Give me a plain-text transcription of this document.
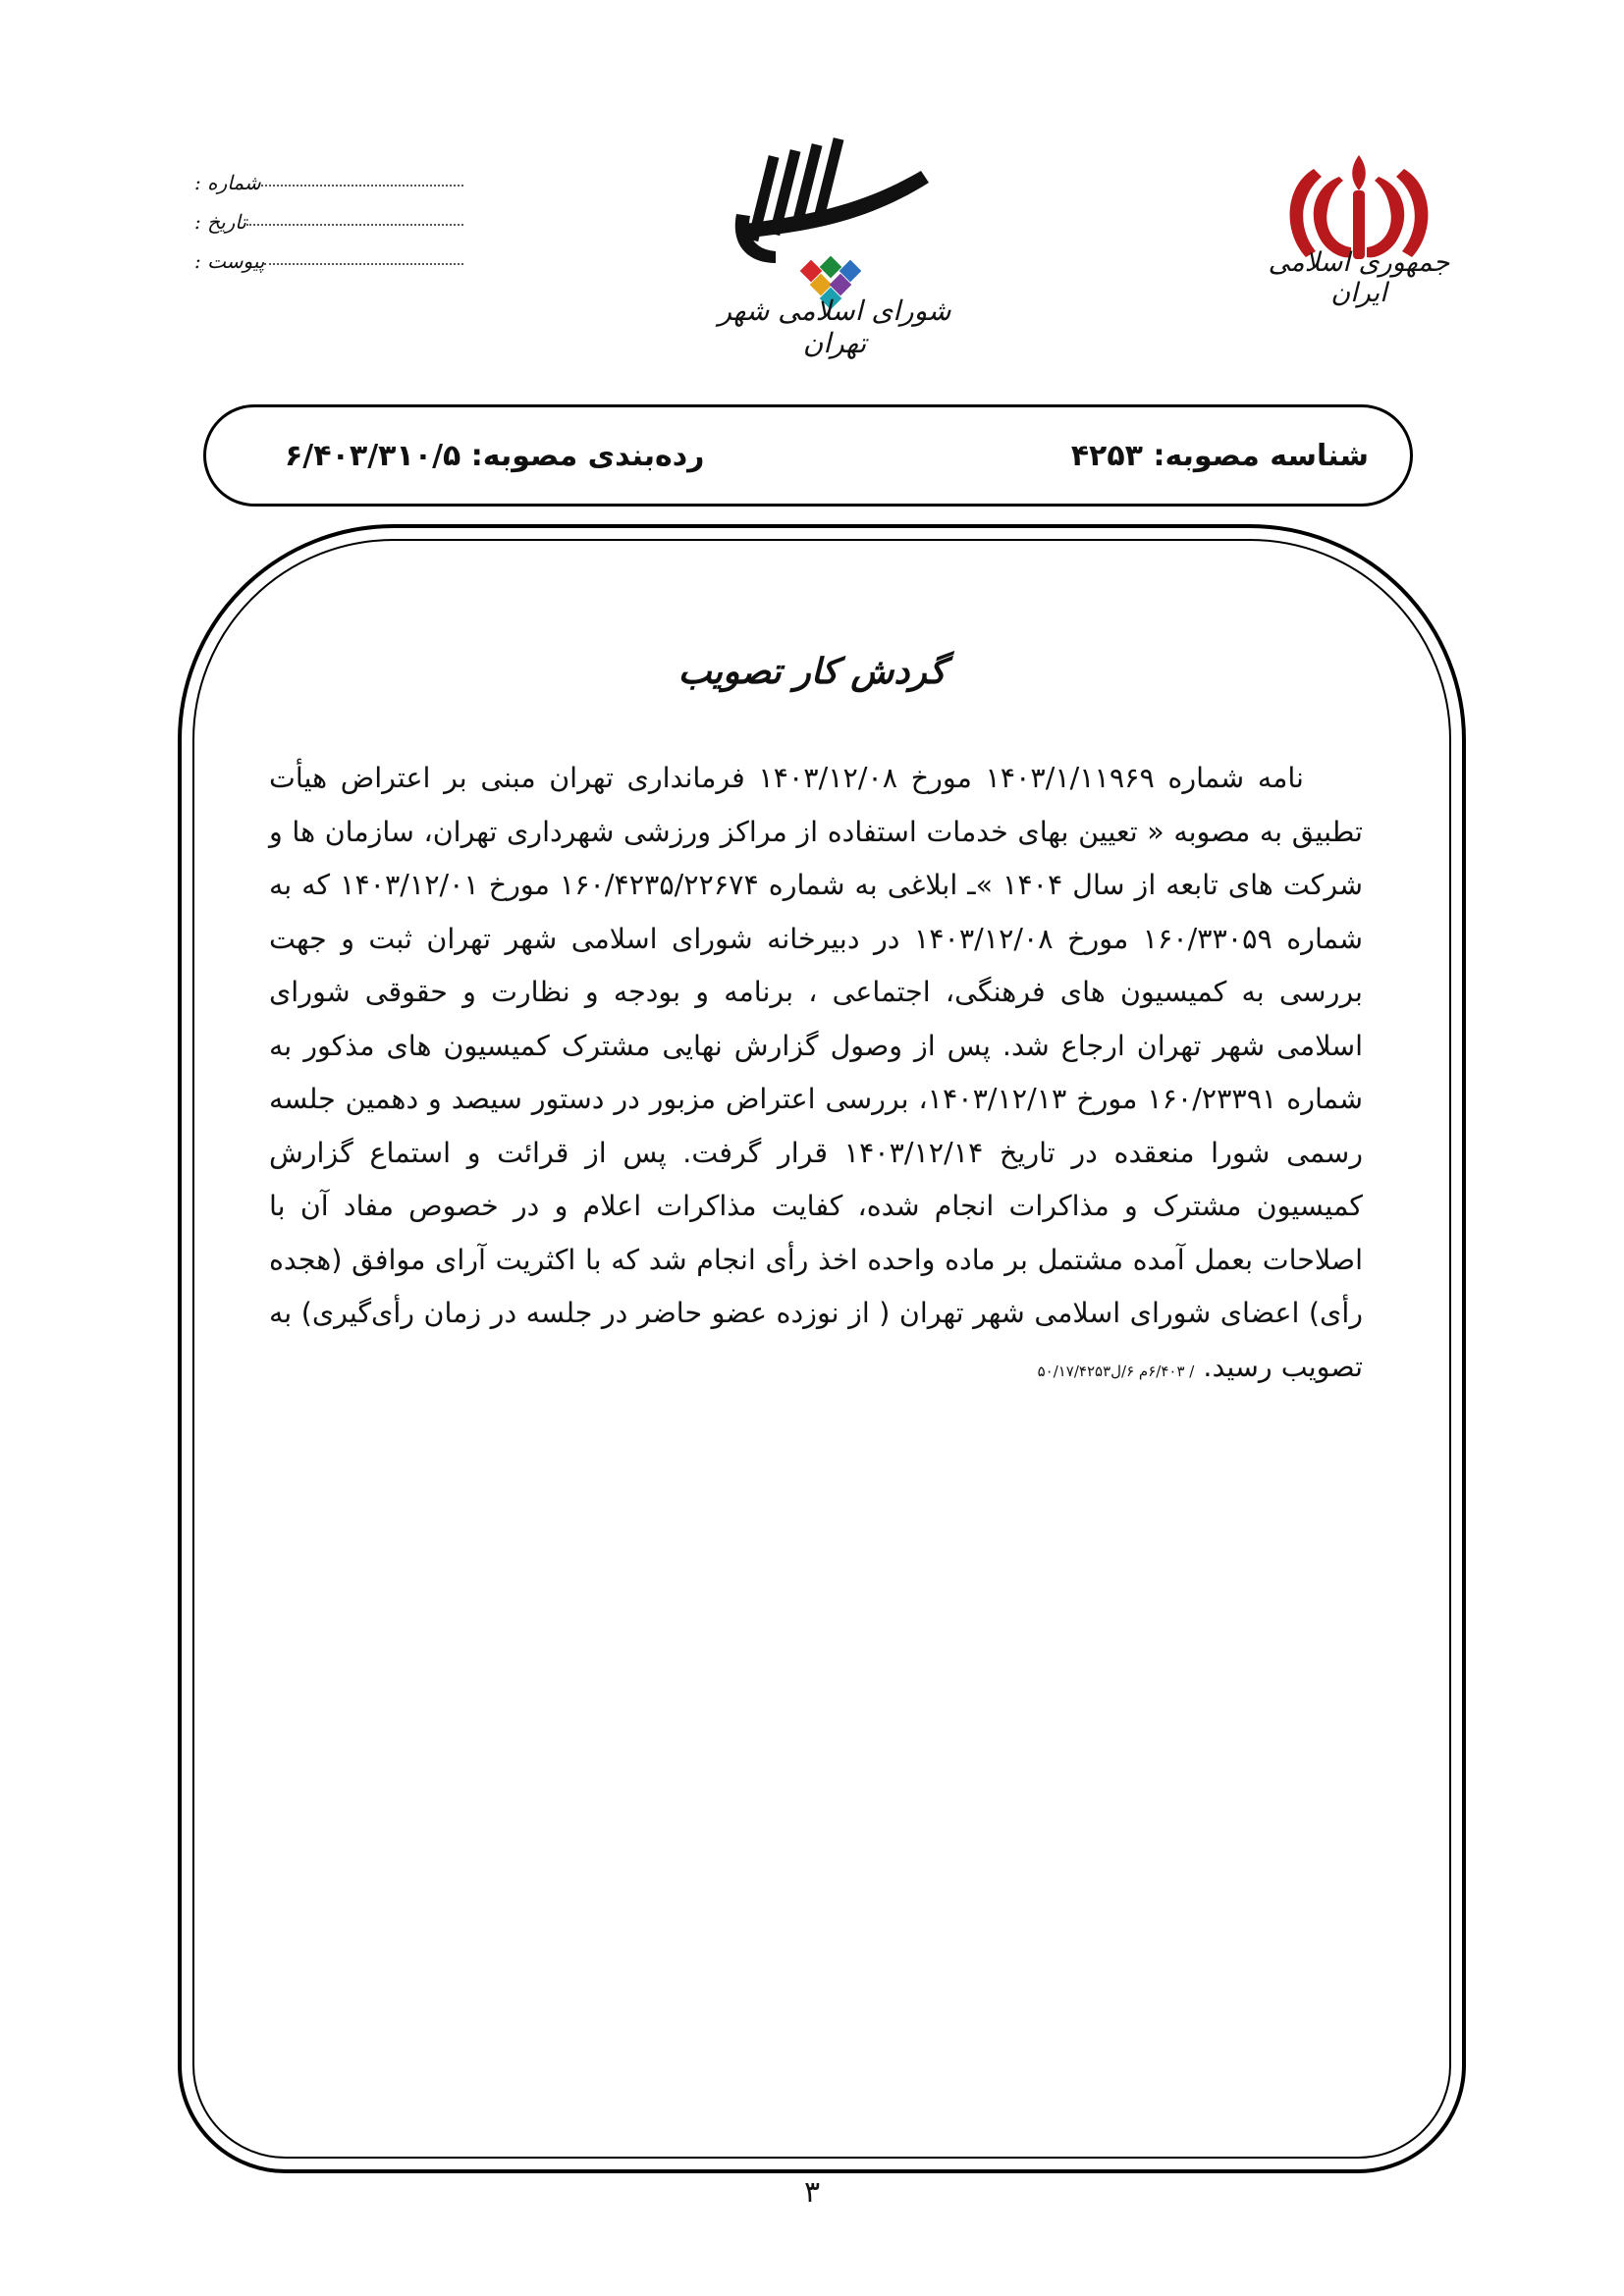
جمهوری اسلامی ایران
شورای اسلامی شهر تهران
شماره :
تاریخ :
پیوست :
شناسه مصوبه: ۴۲۵۳
رده‌بندی مصوبه: ۶/۴۰۳/۳۱۰/۵
گردش کار تصویب
نامه شماره ۱۴۰۳/۱/۱۱۹۶۹ مورخ ۱۴۰۳/۱۲/۰۸ فرمانداری تهران مبنی بر اعتراض هیأت تطبیق به مصوبه « تعیین بهای خدمات استفاده از مراکز ورزشی شهرداری تهران، سازمان ها و شرکت های تابعه از سال ۱۴۰۴ »ـ ابلاغی به شماره ۱۶۰/۴۲۳۵/۲۲۶۷۴ مورخ ۱۴۰۳/۱۲/۰۱ که به شماره ۱۶۰/۳۳۰۵۹ مورخ ۱۴۰۳/۱۲/۰۸ در دبیرخانه شورای اسلامی شهر تهران ثبت و جهت بررسی به کمیسیون های فرهنگی، اجتماعی ، برنامه و بودجه و نظارت و حقوقی شورای اسلامی شهر تهران ارجاع شد. پس از وصول گزارش نهایی مشترک کمیسیون های مذکور به شماره ۱۶۰/۲۳۳۹۱ مورخ ۱۴۰۳/۱۲/۱۳، بررسی اعتراض مزبور در دستور سیصد و دهمین جلسه رسمی شورا منعقده در تاریخ ۱۴۰۳/۱۲/۱۴ قرار گرفت. پس از قرائت و استماع گزارش کمیسیون مشترک و مذاکرات انجام شده، کفایت مذاکرات اعلام و در خصوص مفاد آن با اصلاحات بعمل آمده مشتمل بر ماده واحده اخذ رأی انجام شد که با اکثریت آرای موافق (هجده رأی) اعضای شورای اسلامی شهر تهران ( از نوزده عضو حاضر در جلسه در زمان رأی‌گیری) به تصویب رسید. / ۶/۴۰۳م ۶/ل۵۰/۱۷/۴۲۵۳
۳
